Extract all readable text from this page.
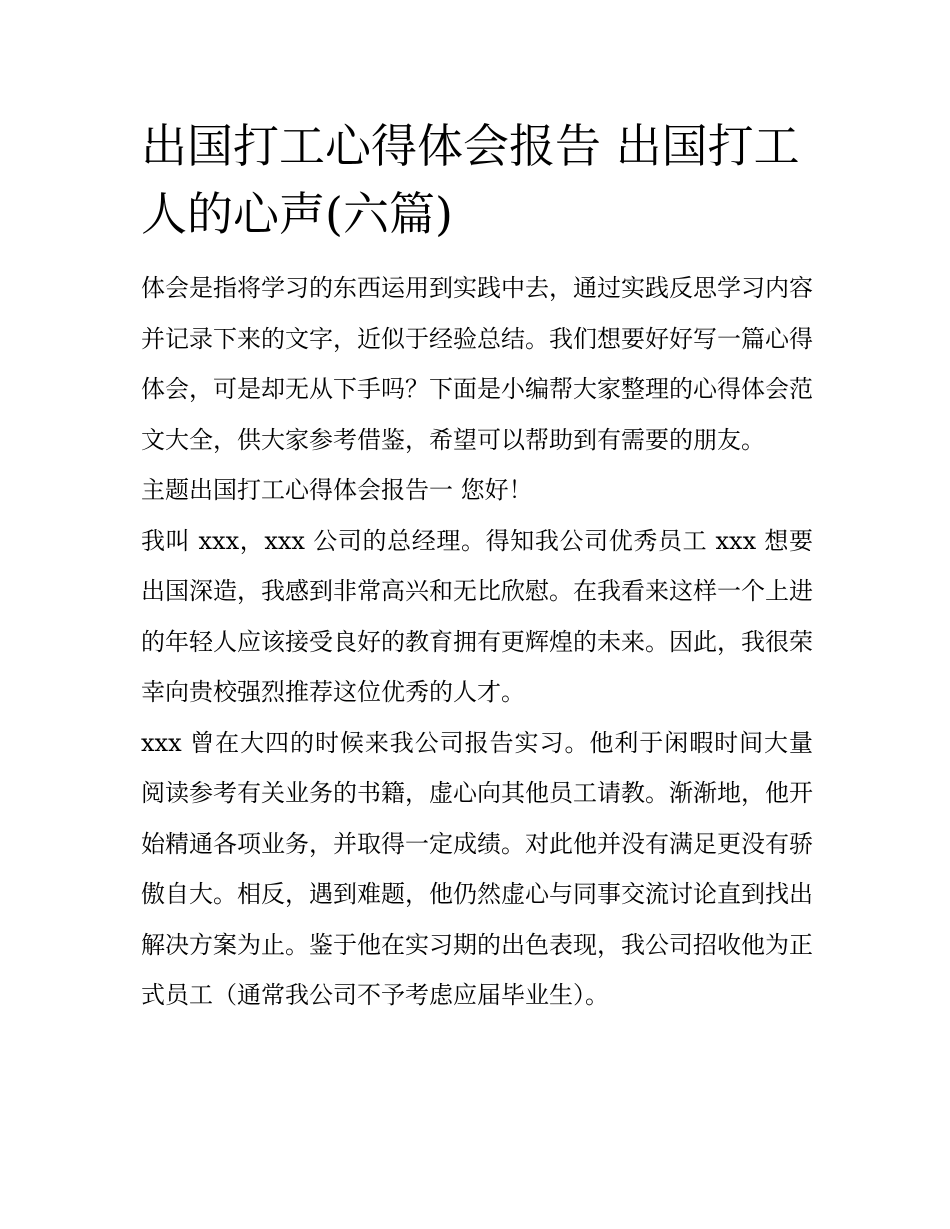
出国打工心得体会报告 出国打工人的心声(六篇)

体会是指将学习的东西运用到实践中去，通过实践反思学习内容并记录下来的文字，近似于经验总结。我们想要好好写一篇心得体会，可是却无从下手吗？下面是小编帮大家整理的心得体会范文大全，供大家参考借鉴，希望可以帮助到有需要的朋友。

主题出国打工心得体会报告一 您好！

我叫 xxx，xxx 公司的总经理。得知我公司优秀员工 xxx 想要出国深造，我感到非常高兴和无比欣慰。在我看来这样一个上进的年轻人应该接受良好的教育拥有更辉煌的未来。因此，我很荣幸向贵校强烈推荐这位优秀的人才。

xxx 曾在大四的时候来我公司报告实习。他利于闲暇时间大量阅读参考有关业务的书籍，虚心向其他员工请教。渐渐地，他开始精通各项业务，并取得一定成绩。对此他并没有满足更没有骄傲自大。相反，遇到难题，他仍然虚心与同事交流讨论直到找出解决方案为止。鉴于他在实习期的出色表现，我公司招收他为正式员工（通常我公司不予考虑应届毕业生）。
